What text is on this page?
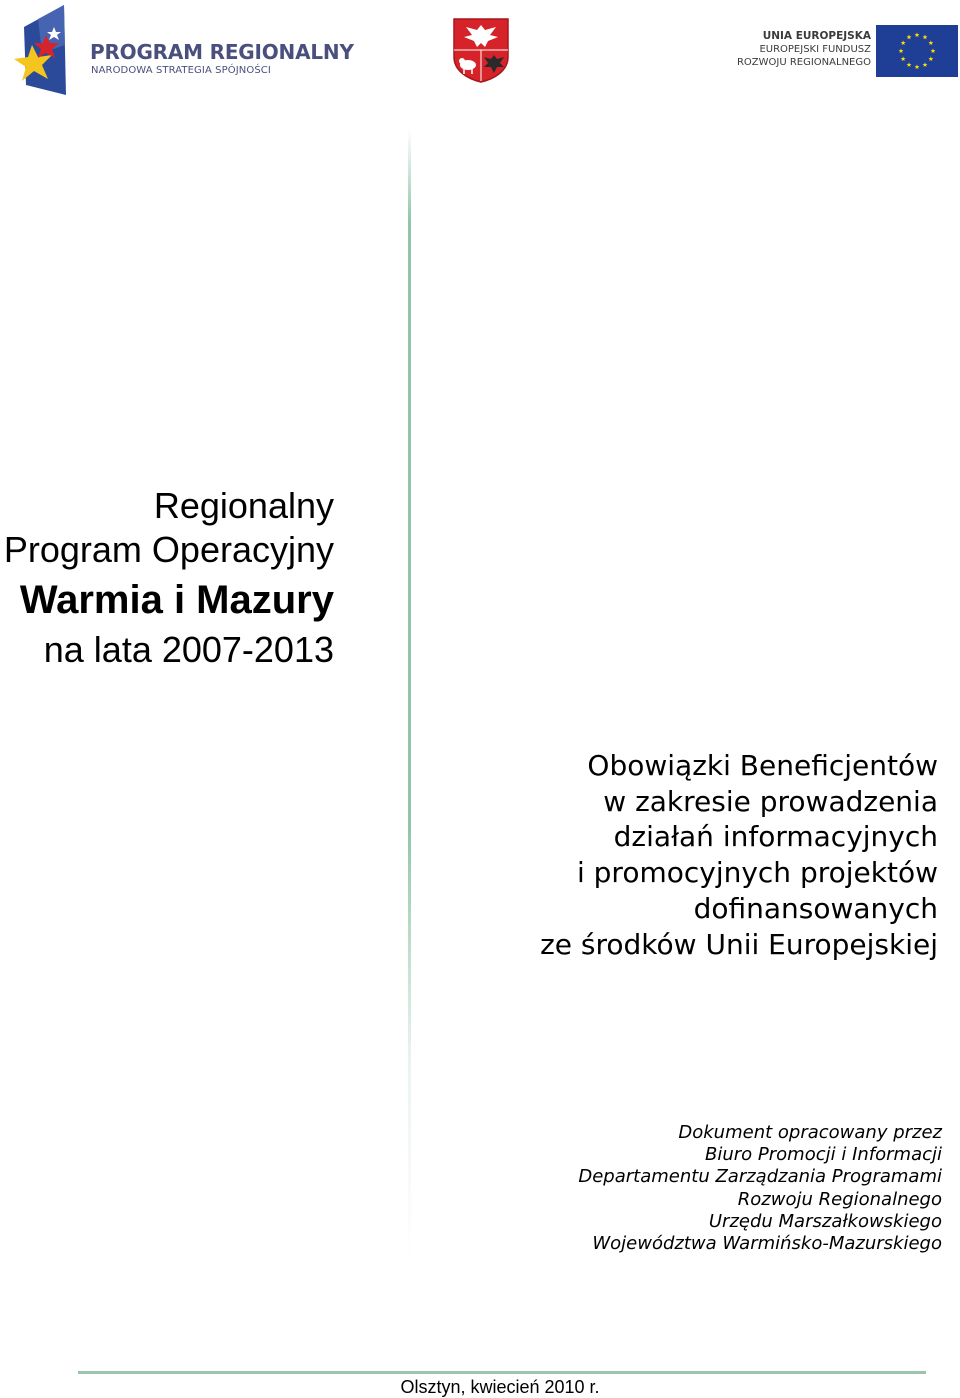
PROGRAM REGIONALNY
NARODOWA STRATEGIA SPÓJNOŚCI
UNIA EUROPEJSKA
EUROPEJSKI FUNDUSZ
ROZWOJU REGIONALNEGO
Regionalny
Program Operacyjny
Warmia i Mazury
na lata 2007-2013
Obowiązki Beneficjentów
w zakresie prowadzenia
działań informacyjnych
i promocyjnych projektów
dofinansowanych
ze środków Unii Europejskiej
Dokument opracowany przez
Biuro Promocji i Informacji
Departamentu Zarządzania Programami
Rozwoju Regionalnego
Urzędu Marszałkowskiego
Województwa Warmińsko-Mazurskiego
Olsztyn, kwiecień 2010 r.
